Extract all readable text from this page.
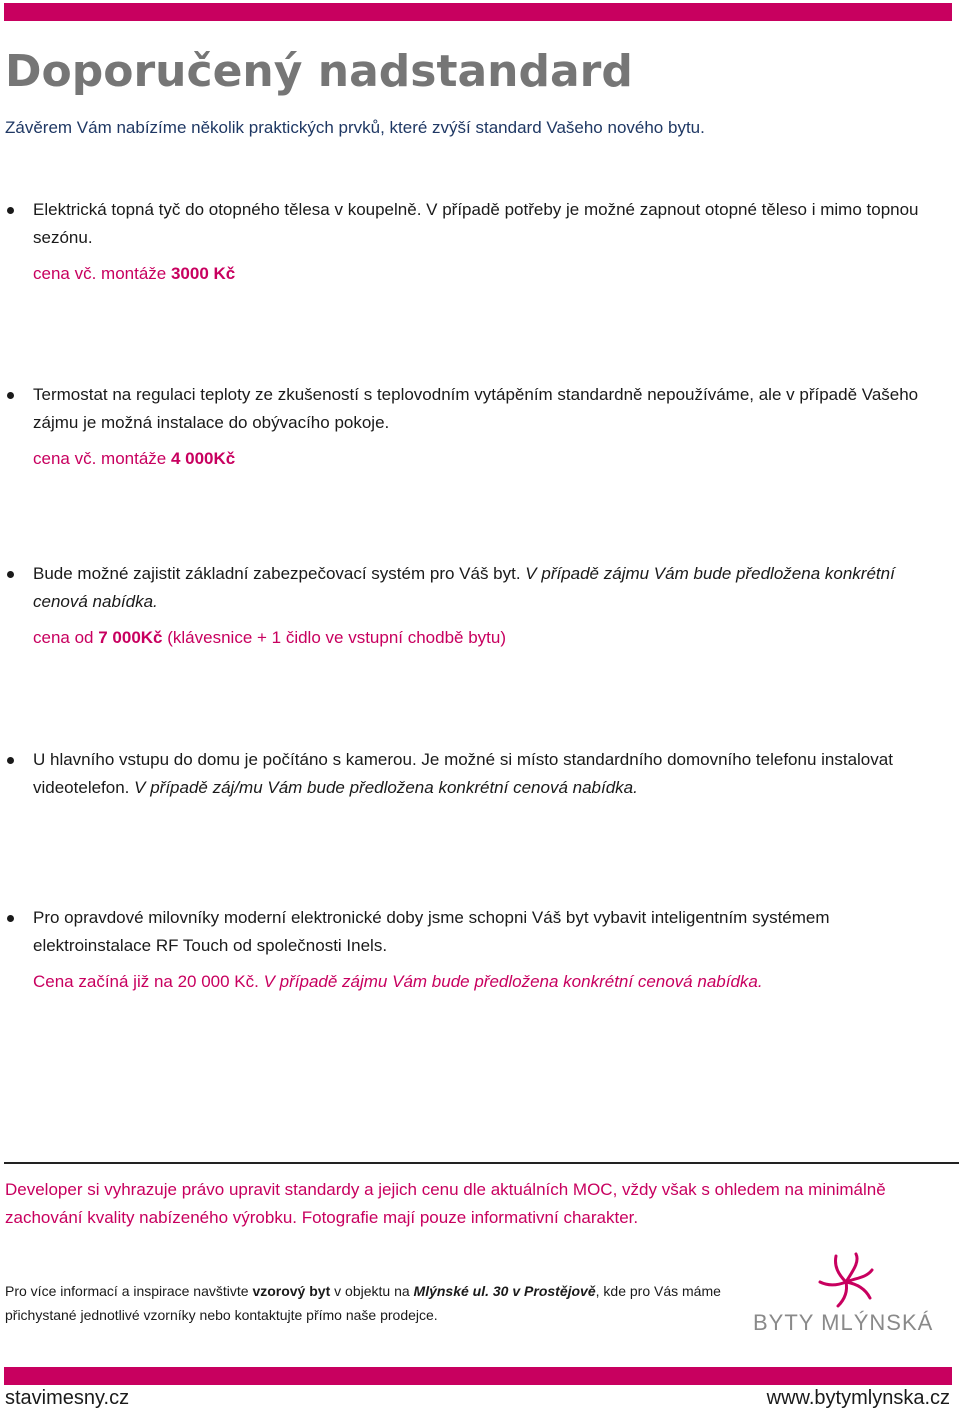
Doporučený nadstandard
Závěrem Vám nabízíme několik praktických prvků, které zvýší standard Vašeho nového bytu.
Elektrická topná tyč do otopného tělesa v koupelně. V případě potřeby je možné zapnout otopné těleso i mimo topnou sezónu.
cena vč. montáže 3000 Kč
Termostat na regulaci teploty ze zkušeností s teplovodním vytápěním standardně nepoužíváme, ale v případě Vašeho zájmu je možná instalace do obývacího pokoje.
cena vč. montáže 4 000Kč
Bude možné zajistit základní zabezpečovací systém pro Váš byt. V případě zájmu Vám bude předložena konkrétní cenová nabídka.
cena od 7 000Kč (klávesnice + 1 čidlo ve vstupní chodbě bytu)
U hlavního vstupu do domu je počítáno s kamerou. Je možné si místo standardního domovního telefonu instalovat videotelefon. V případě záj/mu Vám bude předložena konkrétní cenová nabídka.
Pro opravdové milovníky moderní elektronické doby jsme schopni Váš byt vybavit inteligentním systémem elektroinstalace RF Touch od společnosti Inels.
Cena začíná již na 20 000 Kč. V případě zájmu Vám bude předložena konkrétní cenová nabídka.
Developer si vyhrazuje právo upravit standardy a jejich cenu dle aktuálních MOC, vždy však s ohledem na minimálně zachování kvality nabízeného výrobku. Fotografie mají pouze informativní charakter.
Pro více informací a inspirace navštivte vzorový byt v objektu na Mlýnské ul. 30 v Prostějově, kde pro Vás máme přichystané jednotlivé vzorníky nebo kontaktujte přímo naše prodejce.	BYTY MLÝNSKÁ
stavimesny.cz	www.bytymlynska.cz
